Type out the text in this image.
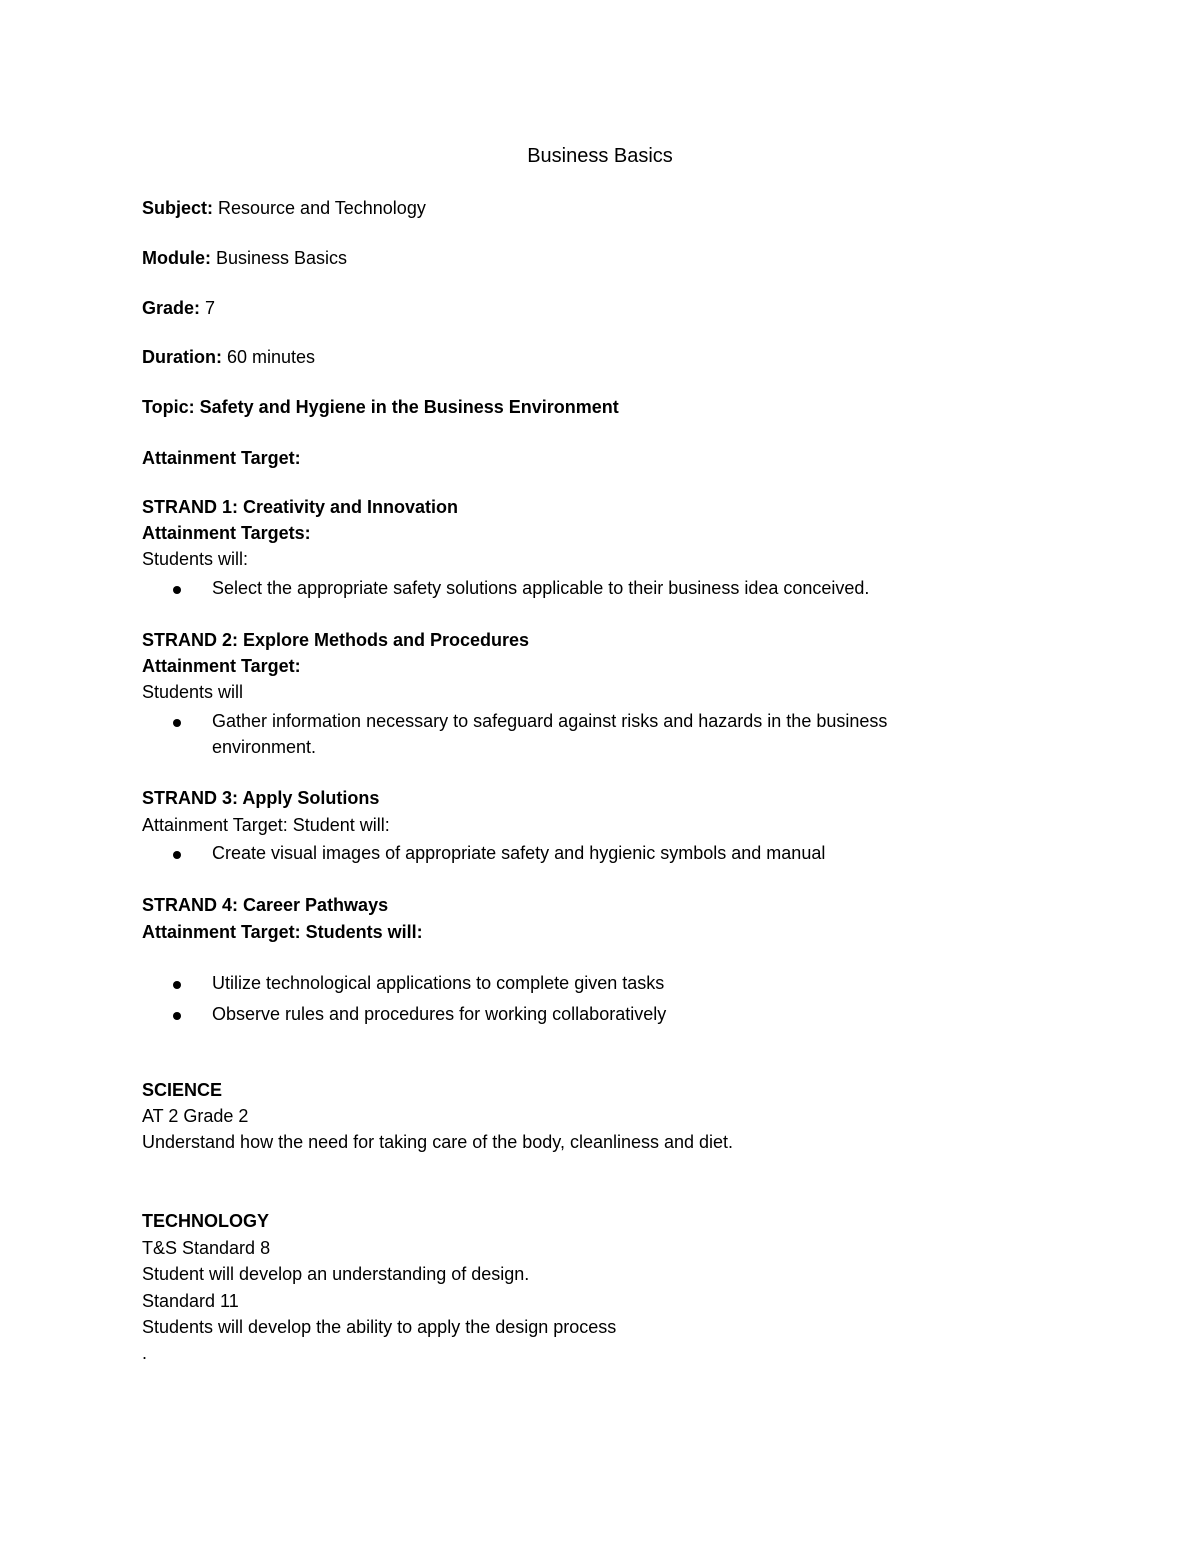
Business Basics
Subject: Resource and Technology
Module: Business Basics
Grade: 7
Duration: 60 minutes
Topic: Safety and Hygiene in the Business Environment
Attainment Target:
STRAND 1: Creativity and Innovation
Attainment Targets:
Students will:
Select the appropriate safety solutions applicable to their business idea conceived.
STRAND 2: Explore Methods and Procedures
Attainment Target:
Students will
Gather information necessary to safeguard against risks and hazards in the business environment.
STRAND 3: Apply Solutions
Attainment Target: Student will:
Create visual images of appropriate safety and hygienic symbols and manual
STRAND 4: Career Pathways
Attainment Target: Students will:
Utilize technological applications to complete given tasks
Observe rules and procedures for working collaboratively
SCIENCE
AT 2 Grade 2
Understand how the need for taking care of the body, cleanliness and diet.
TECHNOLOGY
T&S Standard 8
Student will develop an understanding of design.
Standard 11
Students will develop the ability to apply the design process
.
